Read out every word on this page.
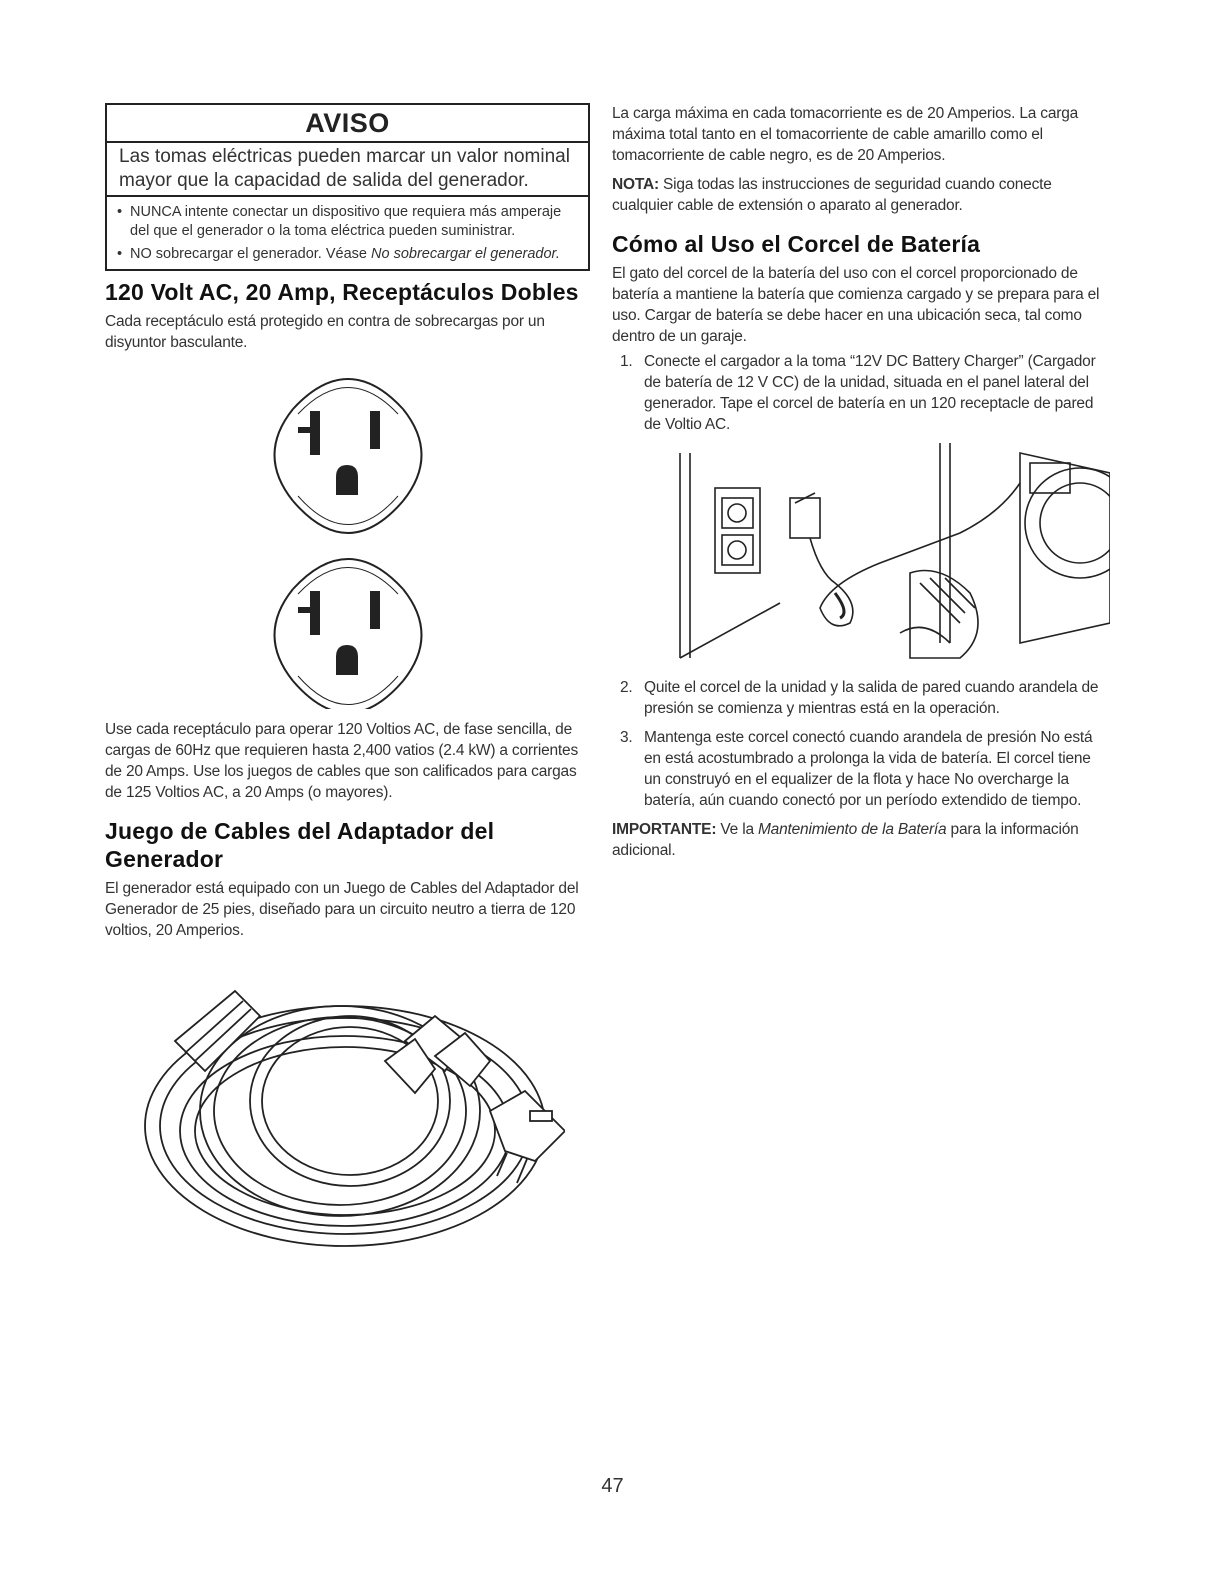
AVISO
Las tomas eléctricas pueden marcar un valor nominal mayor que la capacidad de salida del generador.
• NUNCA intente conectar un dispositivo que requiera más amperaje del que el generador o la toma eléctrica pueden suministrar.
• NO sobrecargar el generador. Véase No sobrecargar el generador.
120 Volt AC, 20 Amp, Receptáculos Dobles

Cada receptáculo está protegido en contra de sobrecargas por un disyuntor basculante.

Use cada receptáculo para operar 120 Voltios AC, de fase sencilla, de cargas de 60Hz que requieren hasta 2,400 vatios (2.4 kW) a corrientes de 20 Amps. Use los juegos de cables que son calificados para cargas de 125 Voltios AC, a 20 Amps (o mayores).

Juego de Cables del Adaptador del Generador

El generador está equipado con un Juego de Cables del Adaptador del Generador de 25 pies, diseñado para un circuito neutro a tierra de 120 voltios, 20 Amperios.

La carga máxima en cada tomacorriente es de 20 Amperios. La carga máxima total tanto en el tomacorriente de cable amarillo como el tomacorriente de cable negro, es de 20 Amperios.

NOTA: Siga todas las instrucciones de seguridad cuando conecte cualquier cable de extensión o aparato al generador.

Cómo al Uso el Corcel de Batería

El gato del corcel de la batería del uso con el corcel proporcionado de batería a mantiene la batería que comienza cargado y se prepara para el uso. Cargar de batería se debe hacer en una ubicación seca, tal como dentro de un garaje.

1. Conecte el cargador a la toma “12V DC Battery Charger” (Cargador de batería de 12 V CC) de la unidad, situada en el panel lateral del generador. Tape el corcel de batería en un 120 receptacle de pared de Voltio AC.
2. Quite el corcel de la unidad y la salida de pared cuando arandela de presión se comienza y mientras está en la operación.
3. Mantenga este corcel conectó cuando arandela de presión No está en está acostumbrado a prolonga la vida de batería. El corcel tiene un construyó en el equalizer de la flota y hace No overcharge la batería, aún cuando conectó por un período extendido de tiempo.

IMPORTANTE: Ve la Mantenimiento de la Batería para la información adicional.

47
